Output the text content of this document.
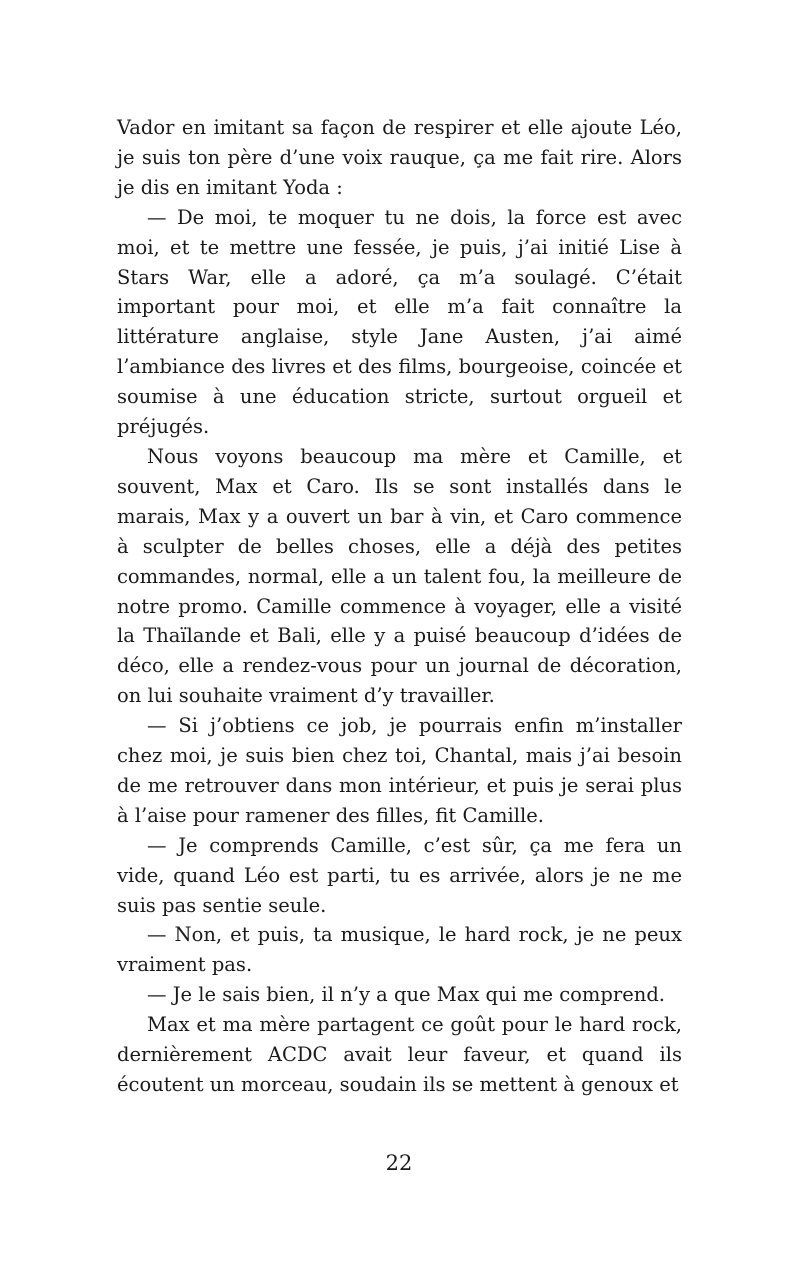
Vador en imitant sa façon de respirer et elle ajoute Léo, je suis ton père d’une voix rauque, ça me fait rire. Alors je dis en imitant Yoda :

— De moi, te moquer tu ne dois, la force est avec moi, et te mettre une fessée, je puis, j’ai initié Lise à Stars War, elle a adoré, ça m’a soulagé. C’était important pour moi, et elle m’a fait connaître la littérature anglaise, style Jane Austen, j’ai aimé l’ambiance des livres et des films, bourgeoise, coincée et soumise à une éducation stricte, surtout orgueil et préjugés.

Nous voyons beaucoup ma mère et Camille, et souvent, Max et Caro. Ils se sont installés dans le marais, Max y a ouvert un bar à vin, et Caro commence à sculpter de belles choses, elle a déjà des petites commandes, normal, elle a un talent fou, la meilleure de notre promo. Camille commence à voyager, elle a visité la Thaïlande et Bali, elle y a puisé beaucoup d’idées de déco, elle a rendez-vous pour un journal de décoration, on lui souhaite vraiment d’y travailler.

— Si j’obtiens ce job, je pourrais enfin m’installer chez moi, je suis bien chez toi, Chantal, mais j’ai besoin de me retrouver dans mon intérieur, et puis je serai plus à l’aise pour ramener des filles, fit Camille.

— Je comprends Camille, c’est sûr, ça me fera un vide, quand Léo est parti, tu es arrivée, alors je ne me suis pas sentie seule.

— Non, et puis, ta musique, le hard rock, je ne peux vraiment pas.

— Je le sais bien, il n’y a que Max qui me comprend.

Max et ma mère partagent ce goût pour le hard rock, dernièrement ACDC avait leur faveur, et quand ils écoutent un morceau, soudain ils se mettent à genoux et

22
